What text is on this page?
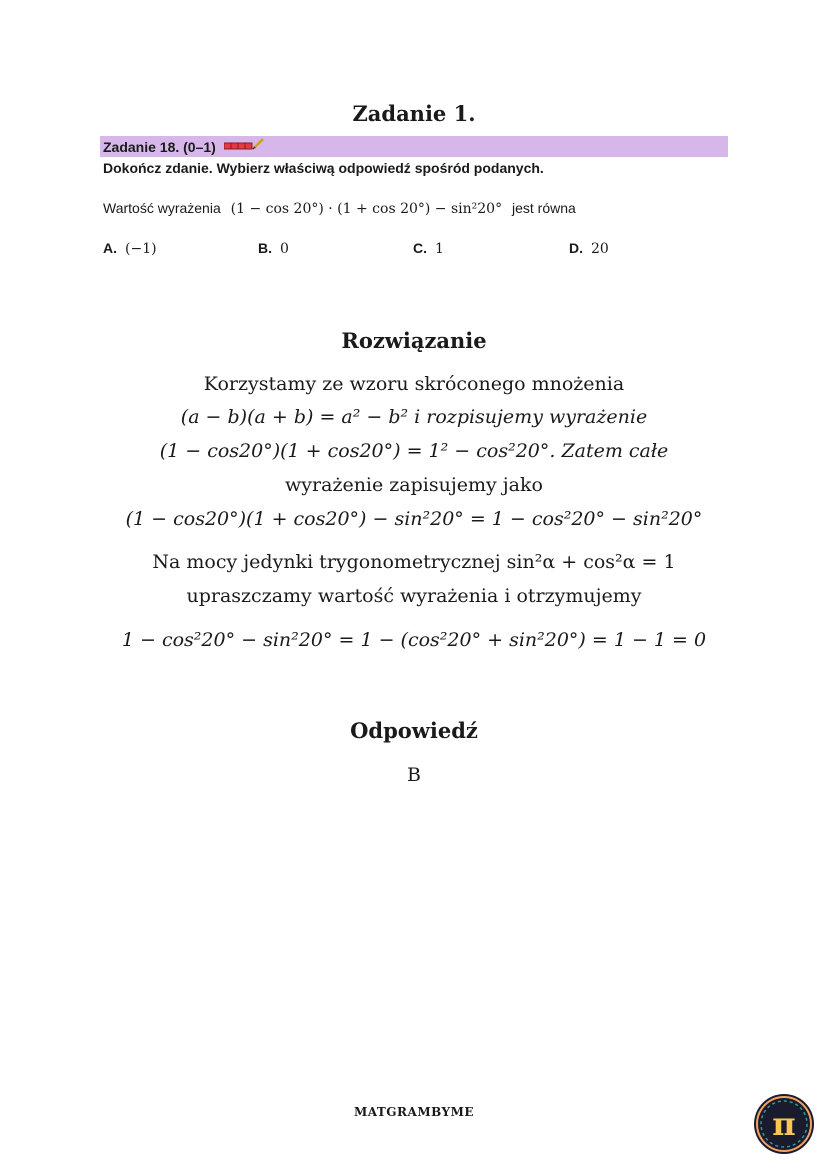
Zadanie 1.
Zadanie 18. (0–1)
Dokończ zdanie. Wybierz właściwą odpowiedź spośród podanych.
Wartość wyrażenia (1 − cos 20°) · (1 + cos 20°) − sin²20° jest równa
A. (−1)	B. 0	C. 1	D. 20
Rozwiązanie
Korzystamy ze wzoru skróconego mnożenia
(a − b)(a + b) = a² − b² i rozpisujemy wyrażenie
(1 − cos20°)(1 + cos20°) = 1² − cos²20°. Zatem całe
wyrażenie zapisujemy jako
(1 − cos20°)(1 + cos20°) − sin²20° = 1 − cos²20° − sin²20°
Na mocy jedynki trygonometrycznej sin²α + cos²α = 1
upraszczamy wartość wyrażenia i otrzymujemy
1 − cos²20° − sin²20° = 1 − (cos²20° + sin²20°) = 1 − 1 = 0
Odpowiedź
B
MATGRAMBYME	π
